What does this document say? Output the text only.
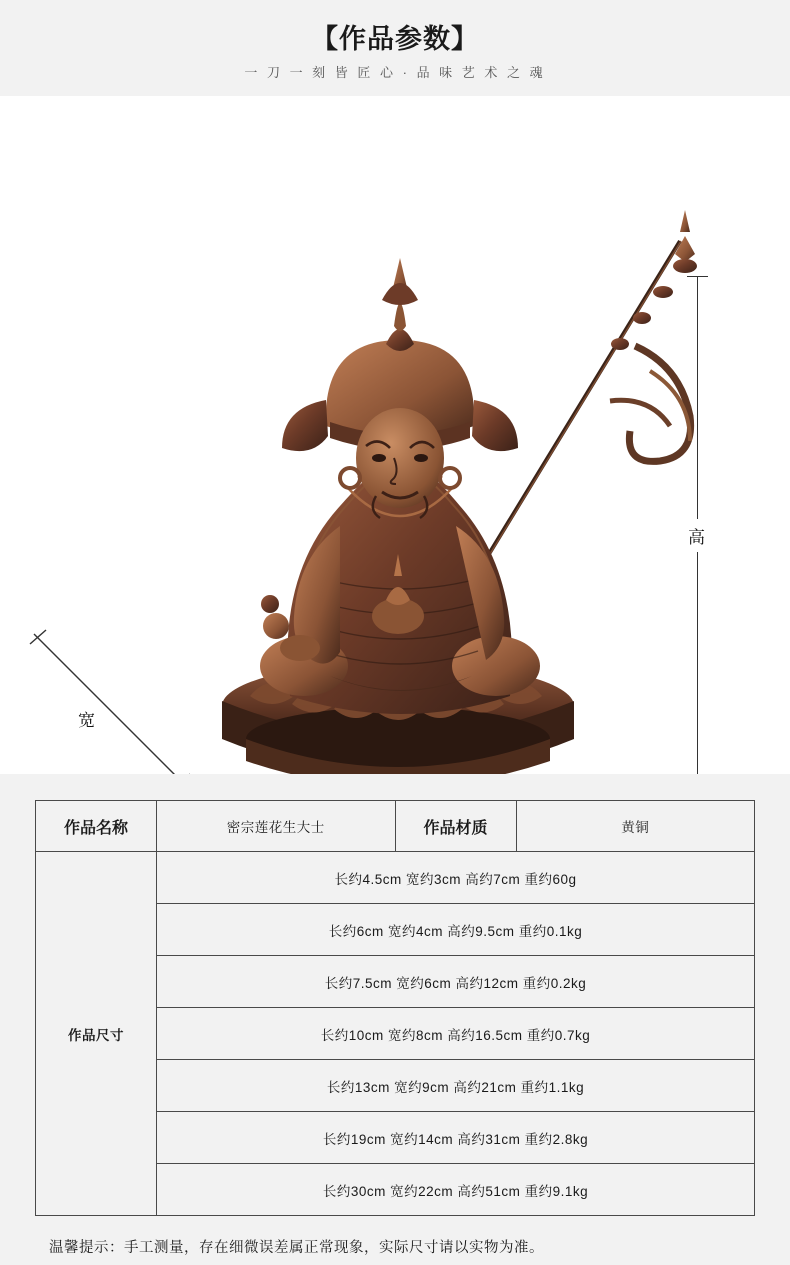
【作品参数】
一 刀 一 刻 皆 匠 心 · 品 味 艺 术 之 魂
高
宽
作品名称	密宗莲花生大士	作品材质	黄铜
作品尺寸	长约4.5cm 宽约3cm 高约7cm 重约60g		
	长约6cm 宽约4cm 高约9.5cm 重约0.1kg		
	长约7.5cm 宽约6cm 高约12cm 重约0.2kg		
	长约10cm 宽约8cm 高约16.5cm 重约0.7kg		
	长约13cm 宽约9cm 高约21cm 重约1.1kg		
	长约19cm 宽约14cm 高约31cm 重约2.8kg		
	长约30cm 宽约22cm 高约51cm 重约9.1kg		
温馨提示：手工测量，存在细微误差属正常现象，实际尺寸请以实物为准。
